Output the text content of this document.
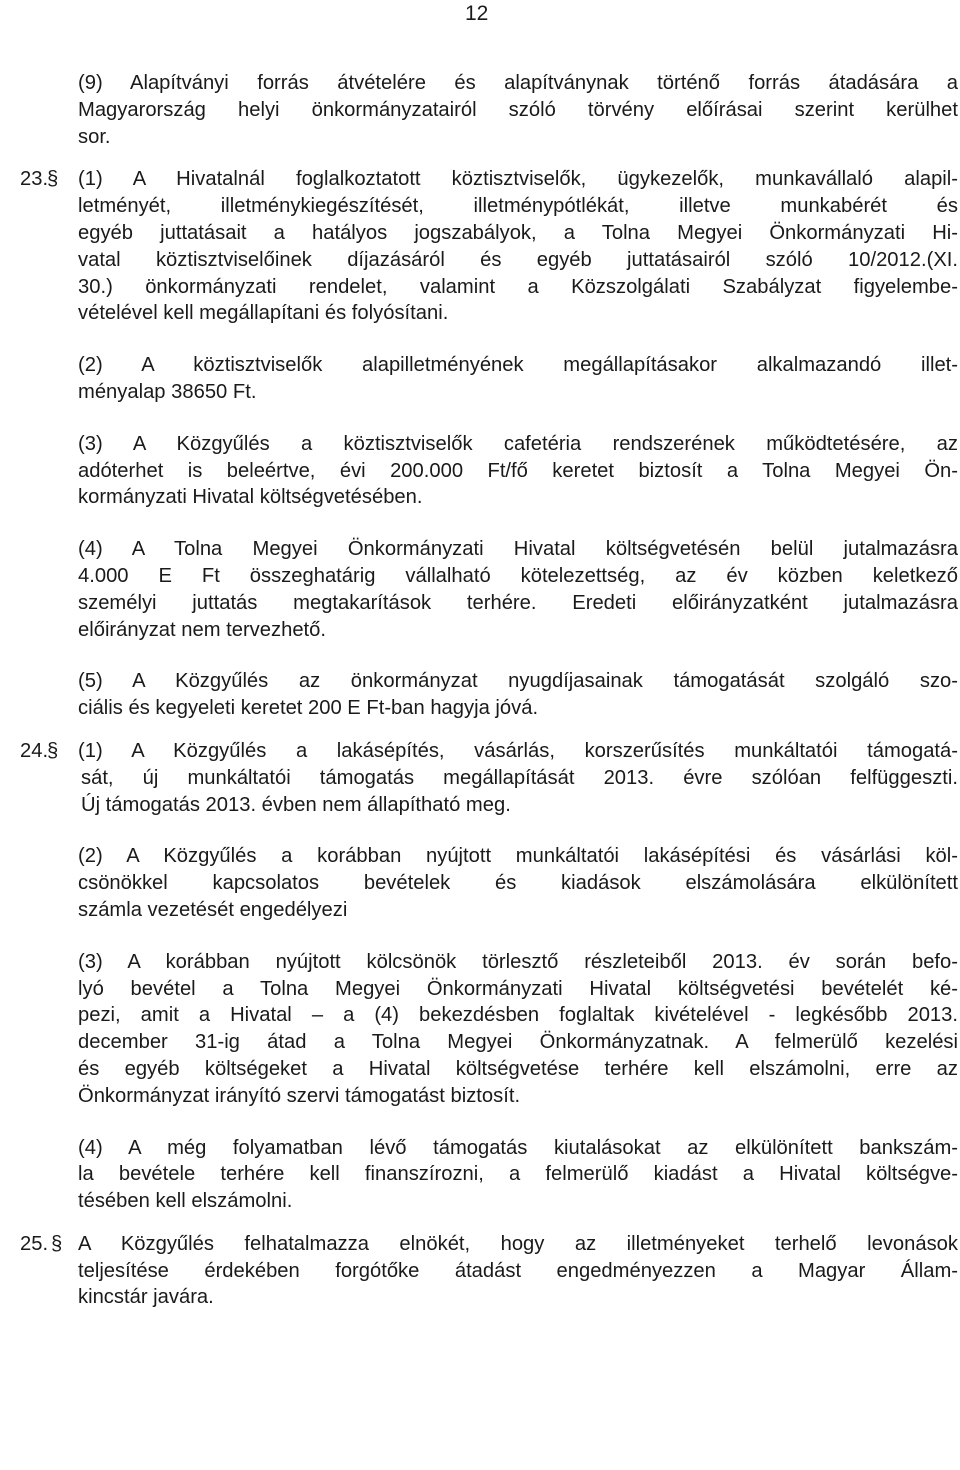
12

(9) Alapítványi forrás átvételére és alapítványnak történő forrás átadására a

Magyarország helyi önkormányzatairól szóló törvény előírásai szerint kerülhet

sor.

23.
§ (1) A Hivatalnál foglalkoztatott köztisztviselők, ügykezelők, munkavállaló alapil-

letményét, illetménykiegészítését, illetménypótlékát, illetve munkabérét és

egyéb juttatásait a hatályos jogszabályok, a Tolna Megyei Önkormányzati Hi-

vatal köztisztviselőinek díjazásáról és egyéb juttatásairól szóló 10/2012.(XI.

30.) önkormányzati rendelet, valamint a Közszolgálati Szabályzat figyelembe-

vételével kell megállapítani és folyósítani.

(2) A köztisztviselők alapilletményének megállapításakor alkalmazandó illet-

ményalap 38650 Ft.

(3) A Közgyűlés a köztisztviselők cafetéria rendszerének működtetésére, az

adóterhet is beleértve, évi 200.000 Ft/fő keretet biztosít a Tolna Megyei Ön-

kormányzati Hivatal költségvetésében.

(4) A Tolna Megyei Önkormányzati Hivatal költségvetésén belül jutalmazásra

4.000 E Ft összeghatárig vállalható kötelezettség, az év közben keletkező

személyi juttatás megtakarítások terhére. Eredeti előirányzatként jutalmazásra

előirányzat nem tervezhető.

(5) A Közgyűlés az önkormányzat nyugdíjasainak támogatását szolgáló szo-

ciális és kegyeleti keretet 200 E Ft-ban hagyja jóvá.

24.
§ (1) A Közgyűlés a lakásépítés, vásárlás, korszerűsítés munkáltatói támogatá-

sát, új munkáltatói támogatás megállapítását 2013. évre szólóan felfüggeszti.

Új támogatás 2013. évben nem állapítható meg.

(2) A Közgyűlés a korábban nyújtott munkáltatói lakásépítési és vásárlási köl-

csönökkel kapcsolatos bevételek és kiadások elszámolására elkülönített

számla vezetését engedélyezi

(3) A korábban nyújtott kölcsönök törlesztő részleteiből 2013. év során befo-

lyó bevétel a Tolna Megyei Önkormányzati Hivatal költségvetési bevételét ké-

pezi, amit a Hivatal – a (4) bekezdésben foglaltak kivételével - legkésőbb 2013.

december 31-ig átad a Tolna Megyei Önkormányzatnak. A felmerülő kezelési

és egyéb költségeket a Hivatal költségvetése terhére kell elszámolni, erre az

Önkormányzat irányító szervi támogatást biztosít.

(4) A még folyamatban lévő támogatás kiutalásokat az elkülönített bankszám-

la bevétele terhére kell finanszírozni, a felmerülő kiadást a Hivatal költségve-

tésében kell elszámolni.

25. § A Közgyűlés felhatalmazza elnökét, hogy az illetményeket terhelő levonások

teljesítése érdekében forgótőke átadást engedményezzen a Magyar Állam-

kincstár javára.
